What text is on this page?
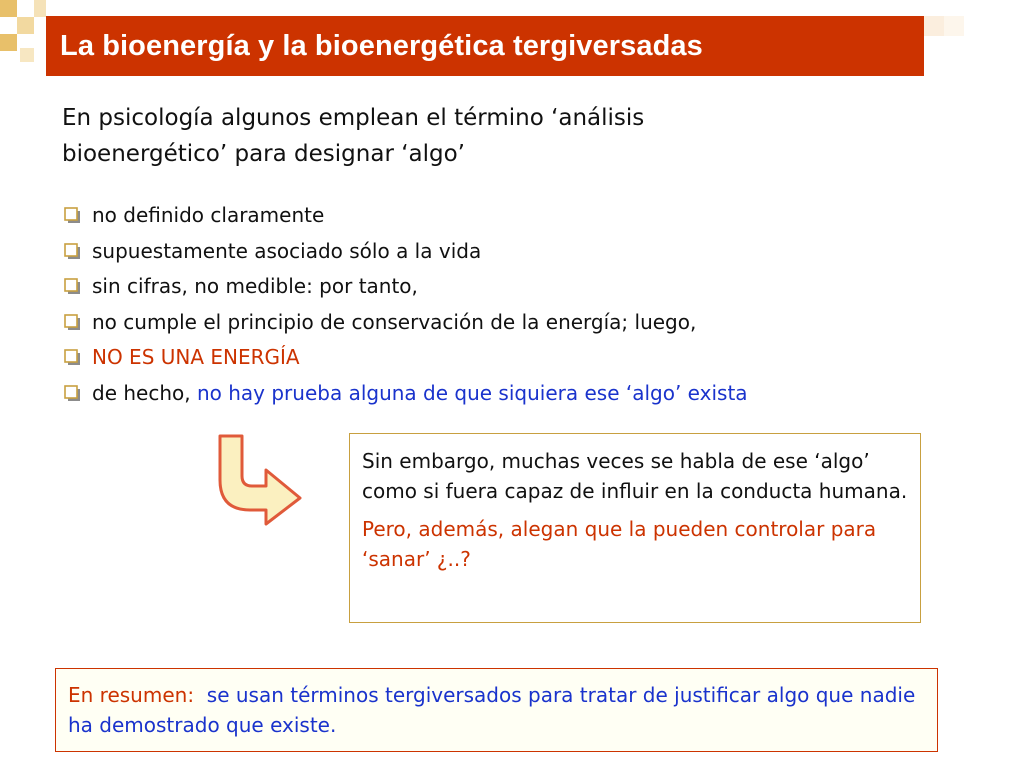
La bioenergía y la bioenergética tergiversadas
En psicología algunos emplean el término ‘análisis
bioenergético’ para designar ‘algo’
no definido claramente
supuestamente asociado sólo a la vida
sin cifras, no medible: por tanto,
no cumple el principio de conservación de la energía; luego,
NO ES UNA ENERGÍA
de hecho, no hay prueba alguna de que siquiera ese ‘algo’ exista

Sin embargo, muchas veces se habla de ese ‘algo’ como si fuera capaz de influir en la conducta humana.

Pero, además, alegan que la pueden controlar para ‘sanar’ ¿..?

En resumen:  se usan términos tergiversados para tratar de justificar algo que nadie ha demostrado que existe.
